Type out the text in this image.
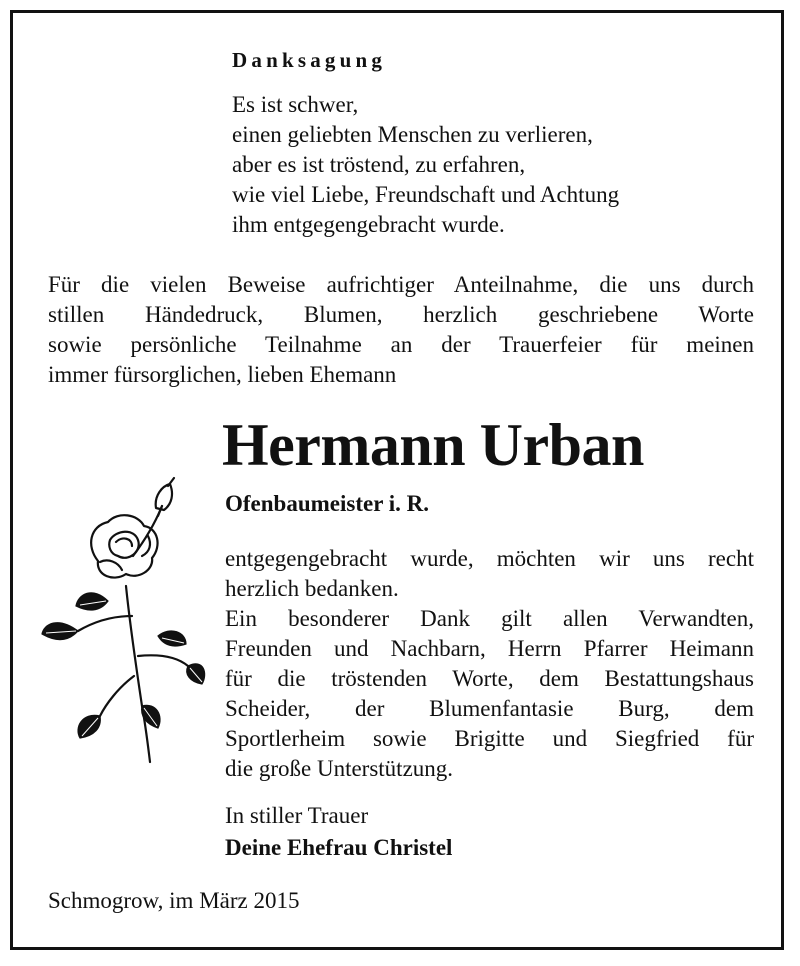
Danksagung
Es ist schwer,
einen geliebten Menschen zu verlieren,
aber es ist tröstend, zu erfahren,
wie viel Liebe, Freundschaft und Achtung
ihm entgegengebracht wurde.
Für die vielen Beweise aufrichtiger Anteilnahme, die uns durch
stillen Händedruck, Blumen, herzlich geschriebene Worte
sowie persönliche Teilnahme an der Trauerfeier für meinen
immer fürsorglichen, lieben Ehemann
Hermann Urban
Ofenbaumeister i. R.
entgegengebracht wurde, möchten wir uns recht
herzlich bedanken.
Ein besonderer Dank gilt allen Verwandten,
Freunden und Nachbarn, Herrn Pfarrer Heimann
für die tröstenden Worte, dem Bestattungshaus
Scheider, der Blumenfantasie Burg, dem
Sportlerheim sowie Brigitte und Siegfried für
die große Unterstützung.
In stiller Trauer
Deine Ehefrau Christel
Schmogrow, im März 2015
